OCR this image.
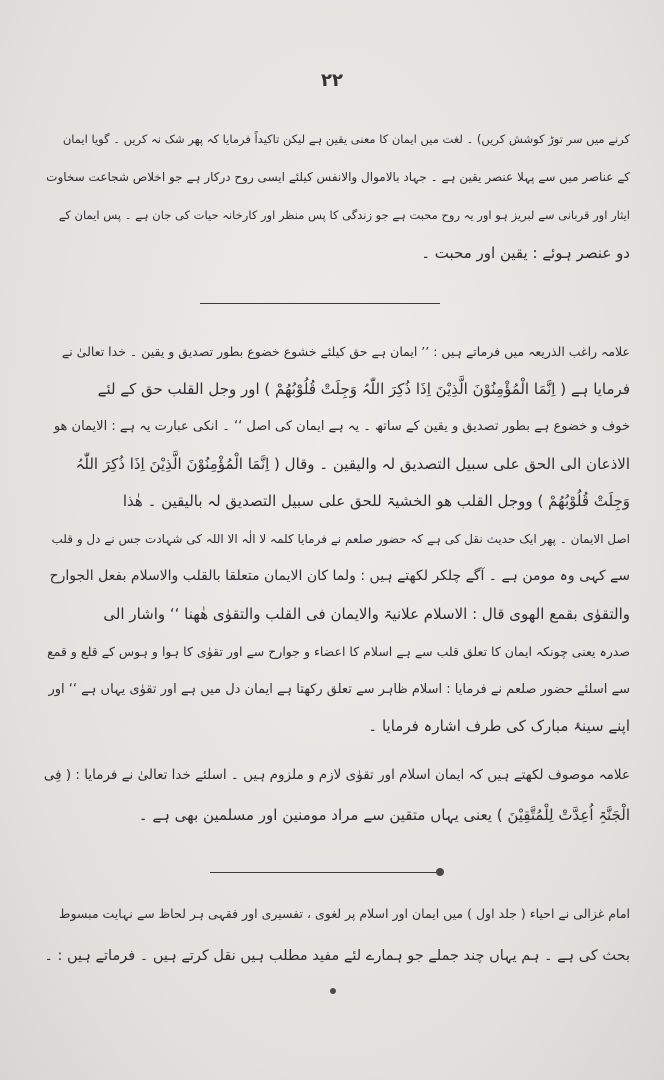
۲۲
کرنے میں سر توڑ کوشش کریں) ۔ لغت میں ایمان کا معنی یقین ہے لیکن تاکیداً فرمایا کہ پھر شک نہ کریں ۔ گویا ایمان
کے عناصر میں سے پہلا عنصر یقین ہے ۔ جہاد بالاموال والانفس کیلئے ایسی روح درکار ہے جو اخلاص شجاعت سخاوت
ایثار اور قربانی سے لبریز ہو اور یہ روح محبت ہے جو زندگی کا پس منظر اور کارخانہ حیات کی جان ہے ۔ پس ایمان کے
دو عنصر ہوئے : یقین اور محبت ۔
علامہ راغب الذریعہ میں فرماتے ہیں : ’’ ایمان ہے حق کیلئے خشوع خضوع بطور تصدیق و یقین ۔ خدا تعالیٰ نے
فرمایا ہے ( اِنَّمَا الْمُؤْمِنُوْنَ الَّذِیْنَ اِذَا ذُکِرَ اللّٰہُ وَجِلَتْ قُلُوْبُھُمْ ) اور وجل القلب حق کے لئے
خوف و خضوع ہے بطور تصدیق و یقین کے ساتھ ۔ یہ ہے ایمان کی اصل ‘‘ ۔ انکی عبارت یہ ہے : الایمان ھو
الاذعان الی الحق علی سبیل التصدیق لہ والیقین ۔ وقال ( اِنَّمَا الْمُؤْمِنُوْنَ الَّذِیْنَ اِذَا ذُکِرَ اللّٰہُ
وَجِلَتْ قُلُوْبُھُمْ ) ووجل القلب ھو الخشیۃ للحق علی سبیل التصدیق لہ بالیقین ۔ ھٰذا
اصل الایمان ۔ پھر ایک حدیث نقل کی ہے کہ حضور صلعم نے فرمایا کلمہ لا الٰہ الا اللہ کی شہادت جس نے دل و قلب
سے کہی وہ مومن ہے ۔ آگے چلکر لکھتے ہیں : ولما کان الایمان متعلقا بالقلب والاسلام بفعل الجوارح
والتقوٰی بقمع الھوی قال : الاسلام علانیۃ والایمان فی القلب والتقوٰی ھٰھنا ‘‘ واشار الی
صدرہ یعنی چونکہ ایمان کا تعلق قلب سے ہے اسلام کا اعضاء و جوارح سے اور تقوٰی کا ہوا و ہوس کے قلع و قمع
سے اسلئے حضور صلعم نے فرمایا : اسلام ظاہر سے تعلق رکھتا ہے ایمان دل میں ہے اور تقوٰی یہاں ہے ‘‘ اور
اپنے سینۂ مبارک کی طرف اشارہ فرمایا ۔
علامہ موصوف لکھتے ہیں کہ ایمان اسلام اور تقوٰی لازم و ملزوم ہیں ۔ اسلئے خدا تعالیٰ نے فرمایا : ( فِی
الْجَنَّۃِ اُعِدَّتْ لِلْمُتَّقِیْنَ ) یعنی یہاں متقین سے مراد مومنین اور مسلمین بھی ہے ۔
امام غزالی نے احیاء ( جلد اول ) میں ایمان اور اسلام پر لغوی ، تفسیری اور فقہی ہر لحاظ سے نہایت مبسوط
بحث کی ہے ۔ ہم یہاں چند جملے جو ہمارے لئے مفید مطلب ہیں نقل کرتے ہیں ۔ فرماتے ہیں : ۔
